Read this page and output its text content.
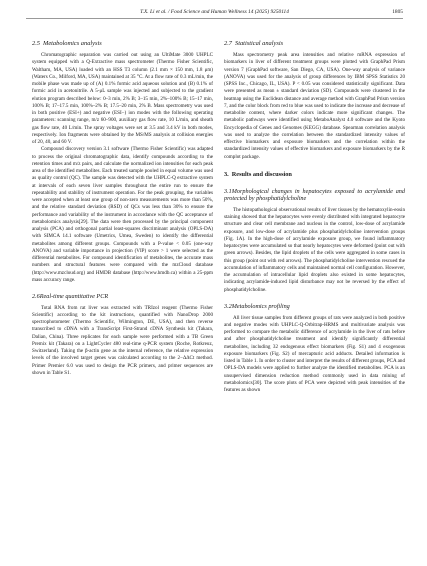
T.X. Li et al. / Food Science and Human Wellness 14 (2025) 9250114	1805
2.5 Metabolomics analysis

Chromatographic separation was carried out using an UltiMate 3000 UHPLC system equipped with a Q-Extractive mass spectrometer (Thermo Fisher Scientific, Waltham, MA, USA) loaded with an HSS T3 column (2.1 mm × 150 mm, 1.8 μm) (Waters Co., Milford, MA, USA) maintained at 35 °C. At a flow rate of 0.3 mL/min, the mobile phase was made up of (A) 0.1% formic acid aqueous solution and (B) 0.1% of formic acid in acetonitrile. A 5-μL sample was injected and subjected to the gradient elution program described below: 0–3 min, 2% B; 3–15 min, 2%–100% B; 15–17 min, 100% B; 17–17.5 min, 100%–2% B; 17.5–20 min, 2% B. Mass spectrometry was used in both positive (ESI+) and negative (ESI−) ion modes with the following operating parameters: scanning range, m/z 60–900, auxiliary gas flow rate, 10 L/min, and sheath gas flow rate, 40 L/min. The spray voltages were set at 3.5 and 3.4 kV in both modes, respectively. Ion fragments were obtained by the MS/MS analysis at collision energies of 20, 40, and 60 V.

Compound discovery version 3.1 software (Thermo Fisher Scientific) was adapted to process the original chromatographic data, identify compounds according to the retention times and m/z pairs, and calculate the normalized ion intensities for each peak area of the identified metabolites. Each treated sample pooled in equal volume was used as quality control (QC). The sample was detected with the UHPLC-Q extractive system at intervals of each seven liver samples throughout the entire run to ensure the repeatability and stability of instrument operation. For the peak grouping, the variables were accepted when at least one group of non-zero measurements was more than 50%, and the relative standard deviation (RSD) of QCs was less than 30% to ensure the performance and variability of the instrument in accordance with the QC acceptance of metabolomics analysis[29]. The data were then processed by the principal component analysis (PCA) and orthogonal partial least-squares discriminant analysis (OPLS-DA) with SIMCA 14.1 software (Umetrics, Umea, Sweden) to identify the differential metabolites among different groups. Compounds with a P-value < 0.05 (one-way ANOVA) and variable importance in projection (VIP) score > 1 were selected as the differential metabolites. For compound identification of metabolites, the accurate mass numbers and structural features were compared with the mzCloud database (http://www.mzcloud.org) and HMDB database (http://www.hmdb.ca) within a 25-ppm mass accuracy range.

2.6Real-time quantitative PCR

Total RNA from rat liver was extracted with TRIzol reagent (Thermo Fisher Scientific) according to the kit instructions, quantified with NanoDrop 2000 spectrophotometer (Thermo Scientific, Wilmington, DE, USA), and then reverse transcribed to cDNA with a TransScript First-Strand cDNA Synthesis kit (Takara, Dalian, China). Three replicates for each sample were performed with a TB Green Premix kit (Takara) on a LightCycler 480 real-time q-PCR system (Roche, Rotkreuz, Switzerland). Taking the β-actin gene as the internal reference, the relative expression levels of the involved target genes was calculated according to the 2−ΔΔCt method. Primer Premier 6.0 was used to design the PCR primers, and primer sequences are shown in Table S1.

2.7 Statistical analysis

Mass spectrometry peak area intensities and relative mRNA expression of biomarkers in liver of different treatment groups were plotted with GraphPad Prism version 7 (GraphPad software, San Diego, CA, USA). One-way analysis of variance (ANOVA) was used for the analysis of group differences by IBM SPSS Statistics 20 (SPSS Inc., Chicago, IL, USA). P < 0.05 was considered statistically significant. Data were presented as mean ± standard deviation (SD). Compounds were clustered in the heatmap using the Euclidean distance and average method with GraphPad Prism version 7, and the color block from red to blue was used to indicate the increase and decrease of metabolite content, where darker colors indicate more significant changes. The metabolic pathways were identified using MetaboAnalyst 4.0 software and the Kyoto Encyclopedia of Genes and Genomes (KEGG) database. Spearman correlation analysis was used to analyze the correlation between the standardized intensity values of effective biomarkers and exposure biomarkers and the correlation within the standardized intensity values of effective biomarkers and exposure biomarkers by the R complot package.

3. Results and discussion
3.1Morphological changes in hepatocytes exposed to acrylamide and protected by phosphatidylcholine

The histopathological observational results of liver tissues by the hematoxylin-eosin staining showed that the hepatocytes were evenly distributed with integrated hepatocyte structure and clear cell membrane and nucleus in the control, low-dose of acrylamide exposure, and low-dose of acrylamide plus phosphatidylcholine intervention groups (Fig. 1A). In the high-dose of acrylamide exposure group, we found inflammatory hepatocytes were accumulated so that nearly hepatocytes were deformed (point out with green arrows). Besides, the lipid droplets of the cells were aggregated in some cases in this group (point out with red arrows). The phosphatidylcholine intervention rescued the accumulation of inflammatory cells and maintained normal cell configuration. However, the accumulation of intracellular lipid droplets also existed in some hepatocytes, indicating acrylamide-induced lipid disturbance may not be reversed by the effect of phosphatidylcholine.

3.2Metabolomics profiling

All liver tissue samples from different groups of rats were analyzed in both positive and negative modes with UHPLC-Q-Orbitrap-HRMS and multivariate analysis was performed to compare the metabolic difference of acrylamide in the liver of rats before and after phosphatidylcholine treatment and identify significantly differential metabolites, including 32 endogenous effect biomarkers (Fig. S1) and 4 exogenous exposure biomarkers (Fig. S2) of mercapturic acid adducts. Detailed information is listed in Table 1. In order to cluster and interpret the results of different groups, PCA and OPLS-DA models were applied to further analyze the identified metabolites. PCA is an unsupervised dimension reduction method commonly used in data mining of metabolomics[30]. The score plots of PCA were depicted with peak intensities of the features as shown
